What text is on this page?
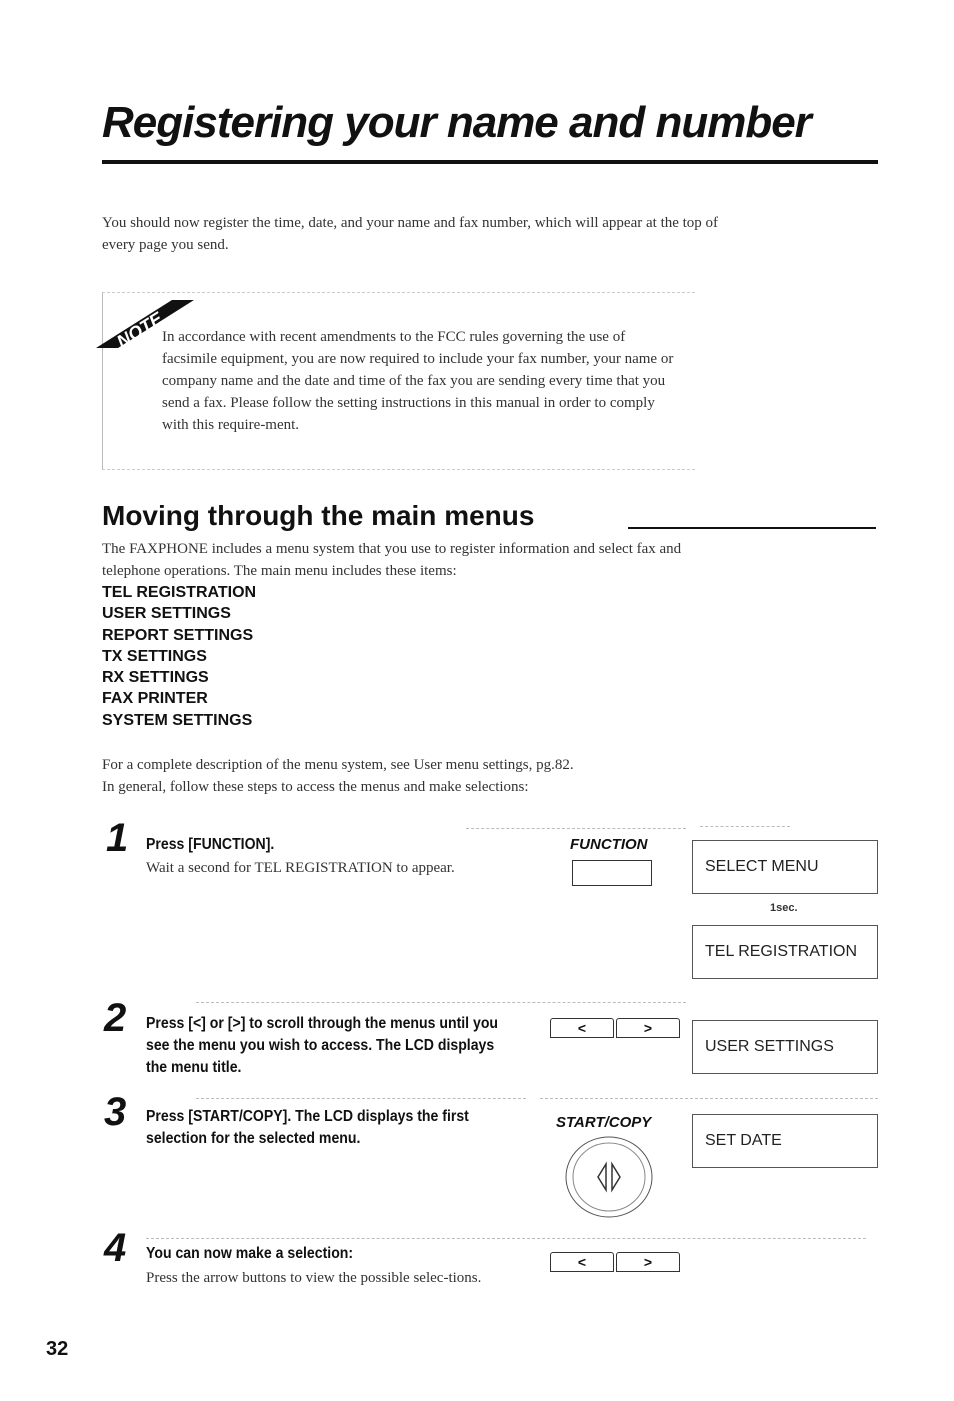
Registering your name and number

You should now register the time, date, and your name and fax number, which will appear at the top of every page you send.

NOTE

In accordance with recent amendments to the FCC rules governing the use of facsimile equipment, you are now required to include your fax number, your name or company name and the date and time of the fax you are sending every time that you send a fax. Please follow the setting instructions in this manual in order to comply with this require-ment.

Moving through the main menus

The FAXPHONE includes a menu system that you use to register information and select fax and telephone operations. The main menu includes these items:

TEL REGISTRATION
USER SETTINGS
REPORT SETTINGS
TX SETTINGS
RX SETTINGS
FAX PRINTER
SYSTEM SETTINGS

For a complete description of the menu system, see User menu settings, pg.82.
In general, follow these steps to access the menus and make selections:

1 Press [FUNCTION].

Wait a second for TEL REGISTRATION to appear.

FUNCTION

SELECT MENU
1sec.
TEL REGISTRATION

2 Press [<] or [>] to scroll through the menus until you see the menu you wish to access. The LCD displays the menu title.

<	>
USER SETTINGS

3 Press [START/COPY]. The LCD displays the first selection for the selected menu.

START/COPY

SET DATE

4 You can now make a selection:

Press the arrow buttons to view the possible selec-tions.

<	>

32
